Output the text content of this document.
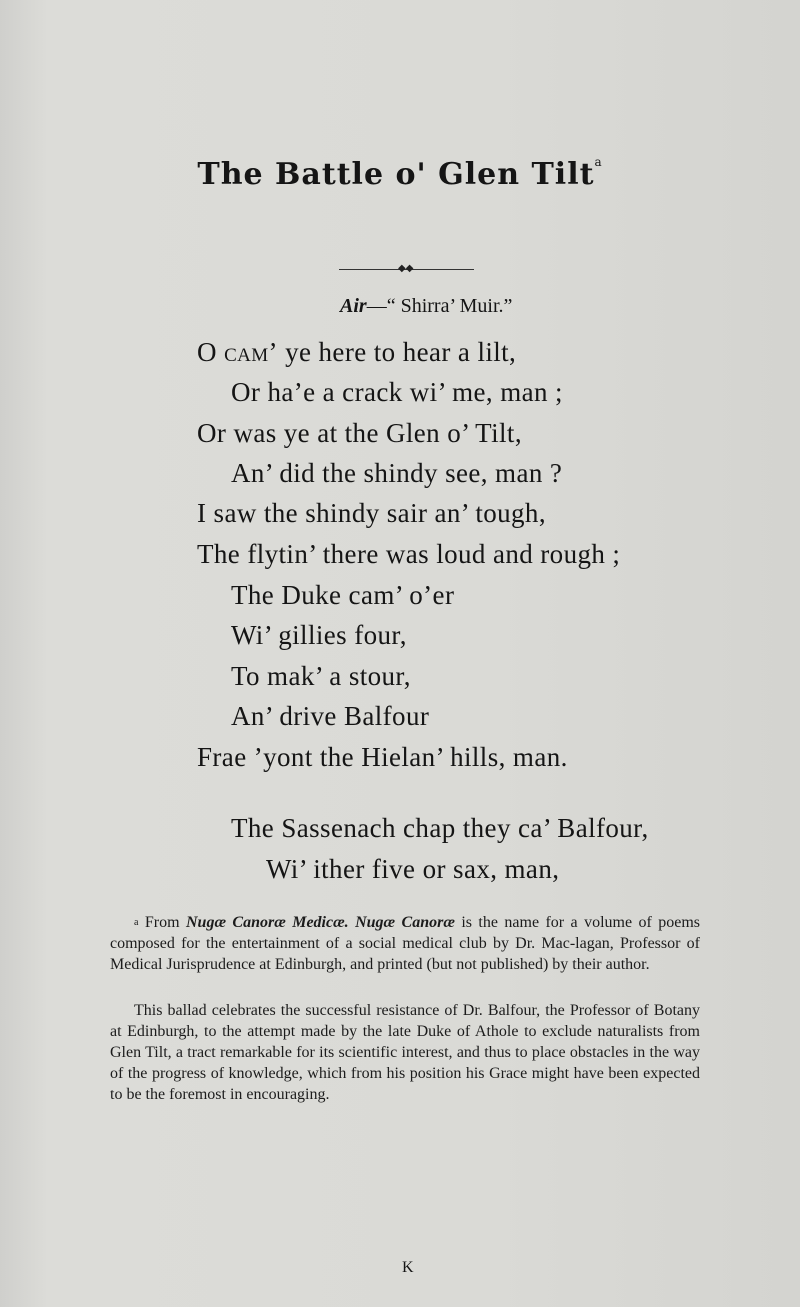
The Battle o' Glen Tilt$^a$
◆◆
Air—“ Shirra’ Muir.”
O cam’ ye here to hear a lilt,
Or ha’e a crack wi’ me, man ;
Or was ye at the Glen o’ Tilt,
An’ did the shindy see, man ?
I saw the shindy sair an’ tough,
The flytin’ there was loud and rough ;
The Duke cam’ o’er
Wi’ gillies four,
To mak’ a stour,
An’ drive Balfour
Frae ’yont the Hielan’ hills, man.
The Sassenach chap they ca’ Balfour,
Wi’ ither five or sax, man,
$^a$ From Nugæ Canoræ Medicæ. Nugæ Canoræ is the name for a volume of poems composed for the entertainment of a social medical club by Dr. Mac-lagan, Professor of Medical Jurisprudence at Edinburgh, and printed (but not published) by their author.
This ballad celebrates the successful resistance of Dr. Balfour, the Professor of Botany at Edinburgh, to the attempt made by the late Duke of Athole to exclude naturalists from Glen Tilt, a tract remarkable for its scientific interest, and thus to place obstacles in the way of the progress of knowledge, which from his position his Grace might have been expected to be the foremost in encouraging.
K
